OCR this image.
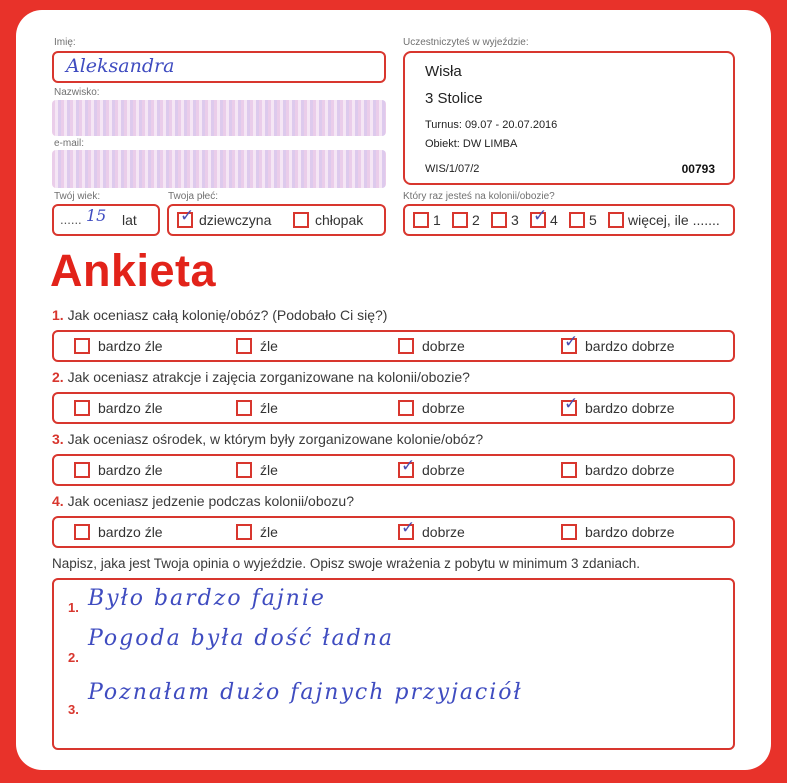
Imię:
Aleksandra
Nazwisko:
e-mail:
Uczestniczyteś w wyjeździe:
Wisła
3 Stolice
Turnus: 09.07 - 20.07.2016
Obiekt: DW LIMBA
WIS/1/07/2	00793
Twój wiek:
...... 15 lat
Twoja płeć:
✓ dziewczyna	chłopak
Który raz jesteś na kolonii/obozie?
1 2 3 ✓ 4 5 więcej, ile .......
Ankieta
1. Jak oceniasz całą kolonię/obóz? (Podobało Ci się?)
bardzo źle	źle	dobrze	✓ bardzo dobrze
2. Jak oceniasz atrakcje i zajęcia zorganizowane na kolonii/obozie?
bardzo źle	źle	dobrze	✓ bardzo dobrze
3. Jak oceniasz ośrodek, w którym były zorganizowane kolonie/obóz?
bardzo źle	źle	✓ dobrze	bardzo dobrze
4. Jak oceniasz jedzenie podczas kolonii/obozu?
bardzo źle	źle	✓ dobrze	bardzo dobrze
Napisz, jaka jest Twoja opinia o wyjeździe. Opisz swoje wrażenia z pobytu w minimum 3 zdaniach.
1. Było bardzo fajnie
2.
Pogoda była dość ładna
3.
Poznałam dużo fajnych przyjaciół
